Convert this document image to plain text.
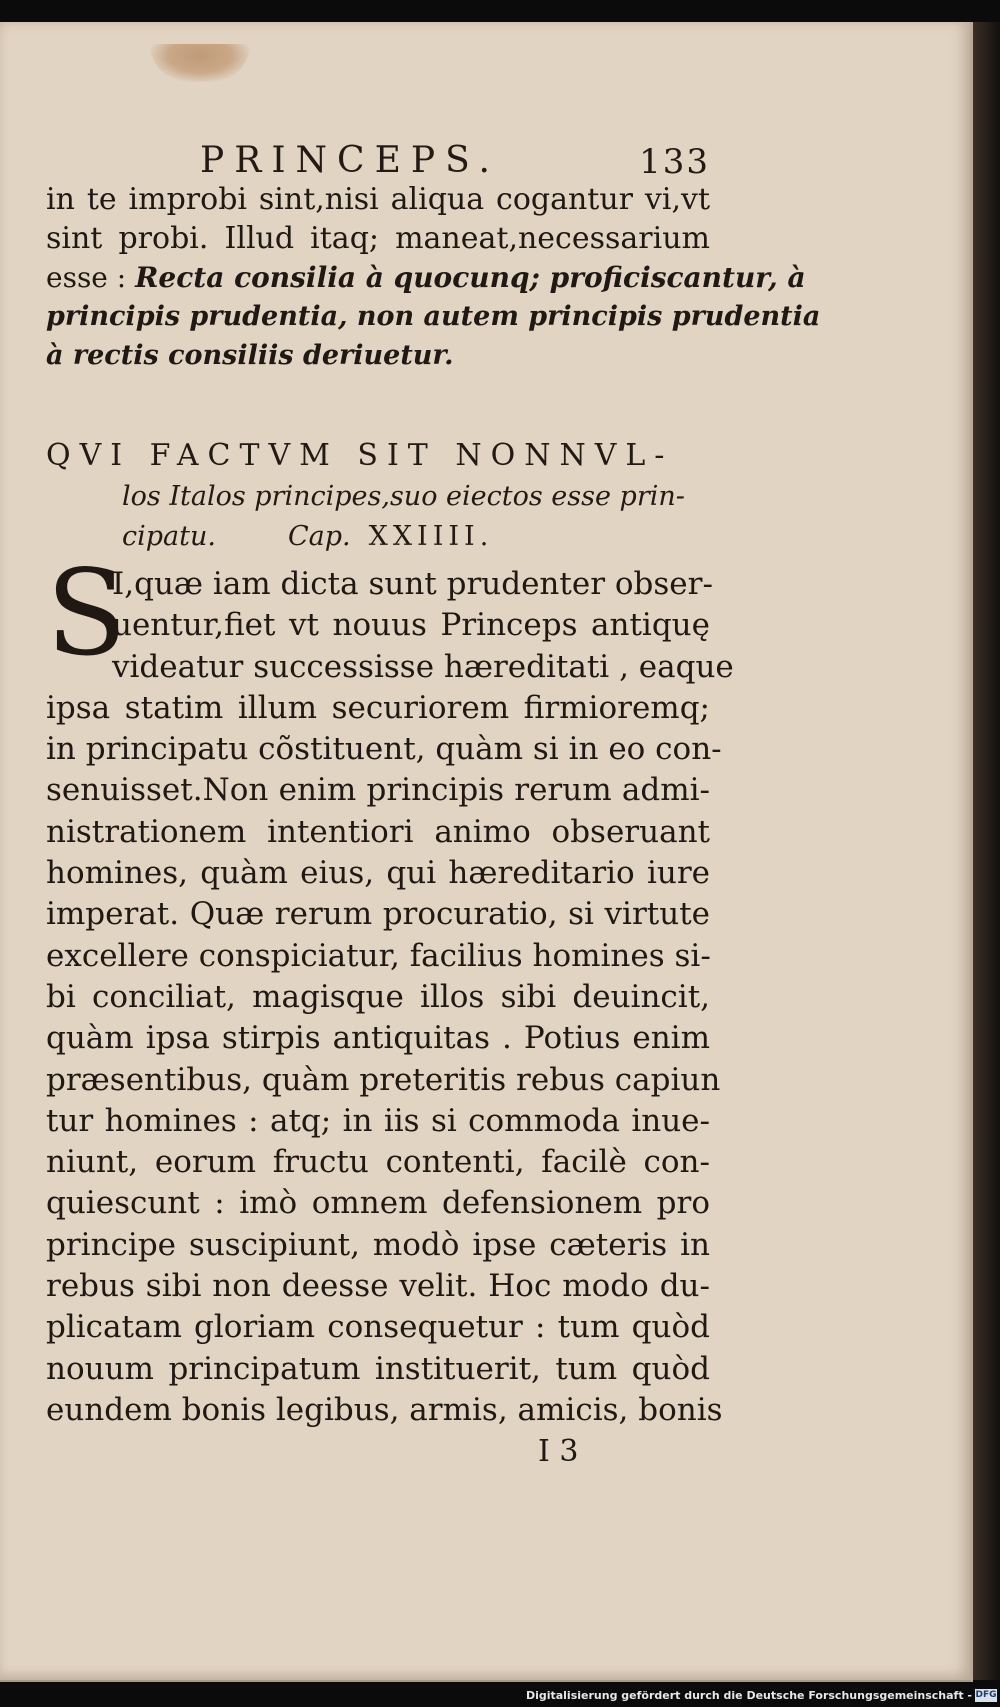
PRINCEPS.	133
in te improbi sint,nisi aliqua cogantur vi,vt
sint probi. Illud itaq; maneat,necessarium
esse : Recta consilia à quocunq; proficiscantur, à
principis prudentia, non autem principis prudentia
à rectis consiliis deriuetur.
QVI FACTVM SIT NONNVL-
los Italos principes,suo eiectos esse prin-
cipatu.	Cap. XXIIII.
S
I,quæ iam dicta sunt prudenter obser-
uentur,fiet vt nouus Princeps antiquę
videatur successisse hæreditati , eaque
ipsa statim illum securiorem firmioremq;
in principatu cõstituent, quàm si in eo con-
senuisset.Non enim principis rerum admi-
nistrationem intentiori animo obseruant
homines, quàm eius, qui hæreditario iure
imperat. Quæ rerum procuratio, si virtute
excellere conspiciatur, facilius homines si-
bi conciliat, magisque illos sibi deuincit,
quàm ipsa stirpis antiquitas . Potius enim
præsentibus, quàm preteritis rebus capiun
tur homines : atq; in iis si commoda inue-
niunt, eorum fructu contenti, facilè con-
quiescunt : imò omnem defensionem pro
principe suscipiunt, modò ipse cæteris in
rebus sibi non deesse velit. Hoc modo du-
plicatam gloriam consequetur : tum quòd
nouum principatum instituerit, tum quòd
eundem bonis legibus, armis, amicis, bonis
I 3
Digitalisierung gefördert durch die Deutsche Forschungsgemeinschaft - DFG
